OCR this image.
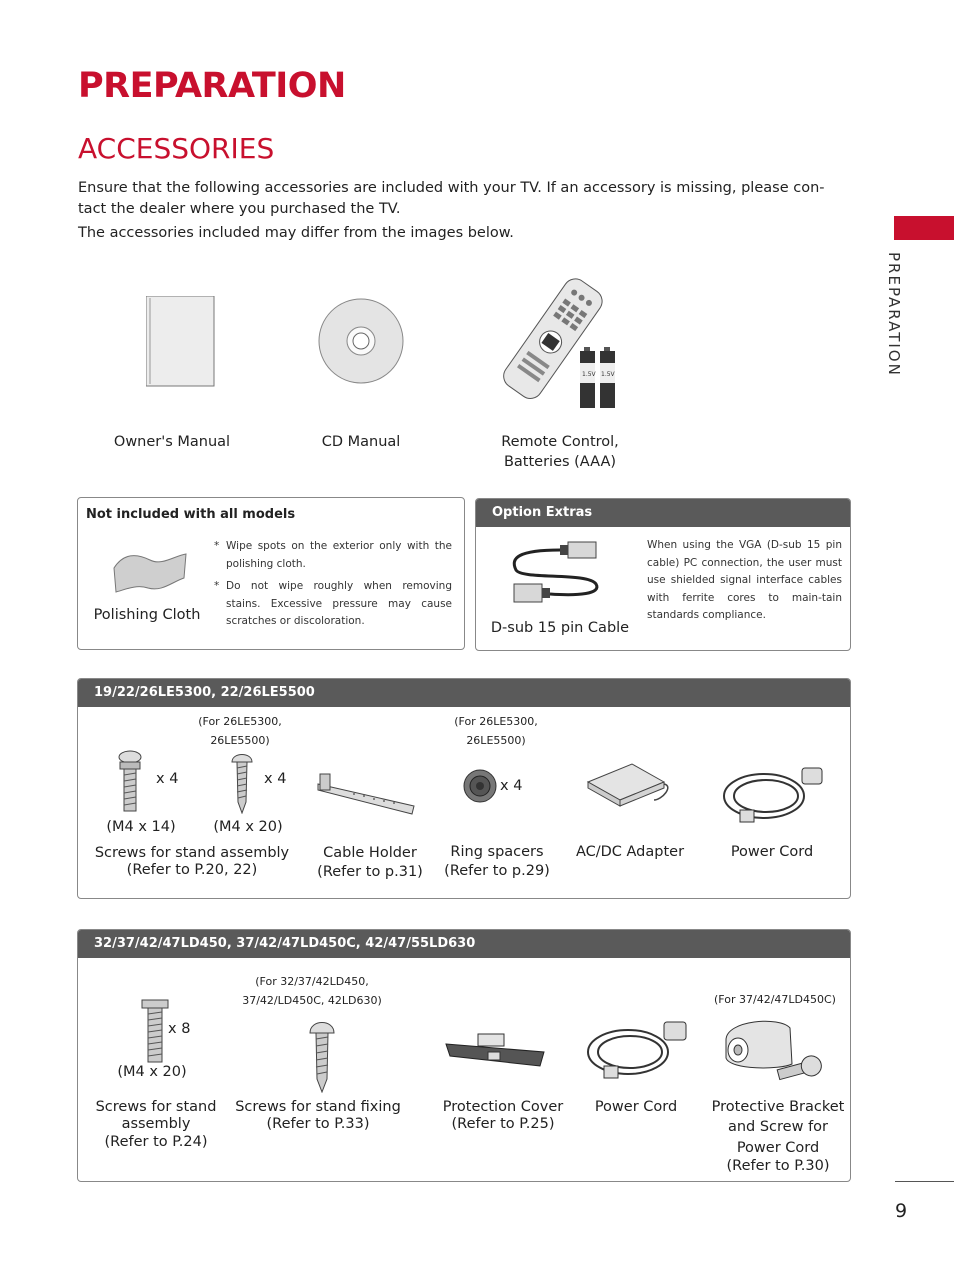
PREPARATION
ACCESSORIES
Ensure that the following accessories are included with your TV. If an accessory is missing, please con-
tact the dealer where you purchased the TV.
The accessories included may differ from the images below.
PREPARATION
1.5V 1.5V
Owner's Manual	CD Manual	Remote Control,
Batteries (AAA)
Not included with all models
Polishing Cloth
* Wipe spots on the exterior only with the polishing cloth.
* Do not wipe roughly when removing stains. Excessive pressure may cause scratches or discoloration.
Option Extras
D-sub 15 pin Cable
When using the VGA (D-sub 15 pin cable) PC connection, the user must use shielded signal interface cables with ferrite cores to main-tain standards compliance.
19/22/26LE5300, 22/26LE5500
(For 26LE5300,
26LE5500)
(For 26LE5300,
26LE5500)
x 4	x 4
(M4 x 14)	(M4 x 20)
Screws for stand assembly
(Refer to P.20, 22)
Cable Holder
(Refer to p.31)
x 4
Ring spacers
(Refer to p.29)
AC/DC Adapter	Power Cord
32/37/42/47LD450, 37/42/47LD450C, 42/47/55LD630
(For 32/37/42LD450,
37/42/LD450C, 42LD630)	(For 37/42/47LD450C)
x 8
(M4 x 20)
Screws for stand
assembly
(Refer to P.24)
Screws for stand fixing
(Refer to P.33)
Protection Cover
(Refer to P.25)
Power Cord	Protective Bracket
and Screw for
Power Cord
(Refer to P.30)
9
